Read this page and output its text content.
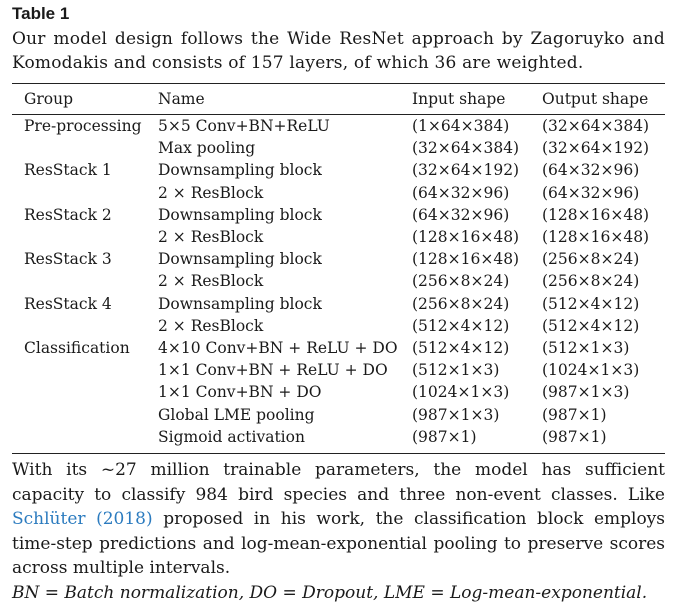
Table 1
Our model design follows the Wide ResNet approach by Zagoruyko and Komodakis and consists of 157 layers, of which 36 are weighted.
Group	Name	Input shape	Output shape

Pre-processing	5×5 Conv+BN+ReLU	(1×64×384)	(32×64×384)
	Max pooling	(32×64×384)	(32×64×192)
ResStack 1	Downsampling block	(32×64×192)	(64×32×96)
	2 × ResBlock	(64×32×96)	(64×32×96)
ResStack 2	Downsampling block	(64×32×96)	(128×16×48)
	2 × ResBlock	(128×16×48)	(128×16×48)
ResStack 3	Downsampling block	(128×16×48)	(256×8×24)
	2 × ResBlock	(256×8×24)	(256×8×24)
ResStack 4	Downsampling block	(256×8×24)	(512×4×12)
	2 × ResBlock	(512×4×12)	(512×4×12)
Classification	4×10 Conv+BN + ReLU + DO	(512×4×12)	(512×1×3)
	1×1 Conv+BN + ReLU + DO	(512×1×3)	(1024×1×3)
	1×1 Conv+BN + DO	(1024×1×3)	(987×1×3)
	Global LME pooling	(987×1×3)	(987×1)
	Sigmoid activation	(987×1)	(987×1)
With its ~27 million trainable parameters, the model has sufficient capacity to classify 984 bird species and three non-event classes. Like Schlüter (2018) proposed in his work, the classification block employs time-step predictions and log-mean-exponential pooling to preserve scores across multiple intervals.
BN = Batch normalization, DO = Dropout, LME = Log-mean-exponential.
